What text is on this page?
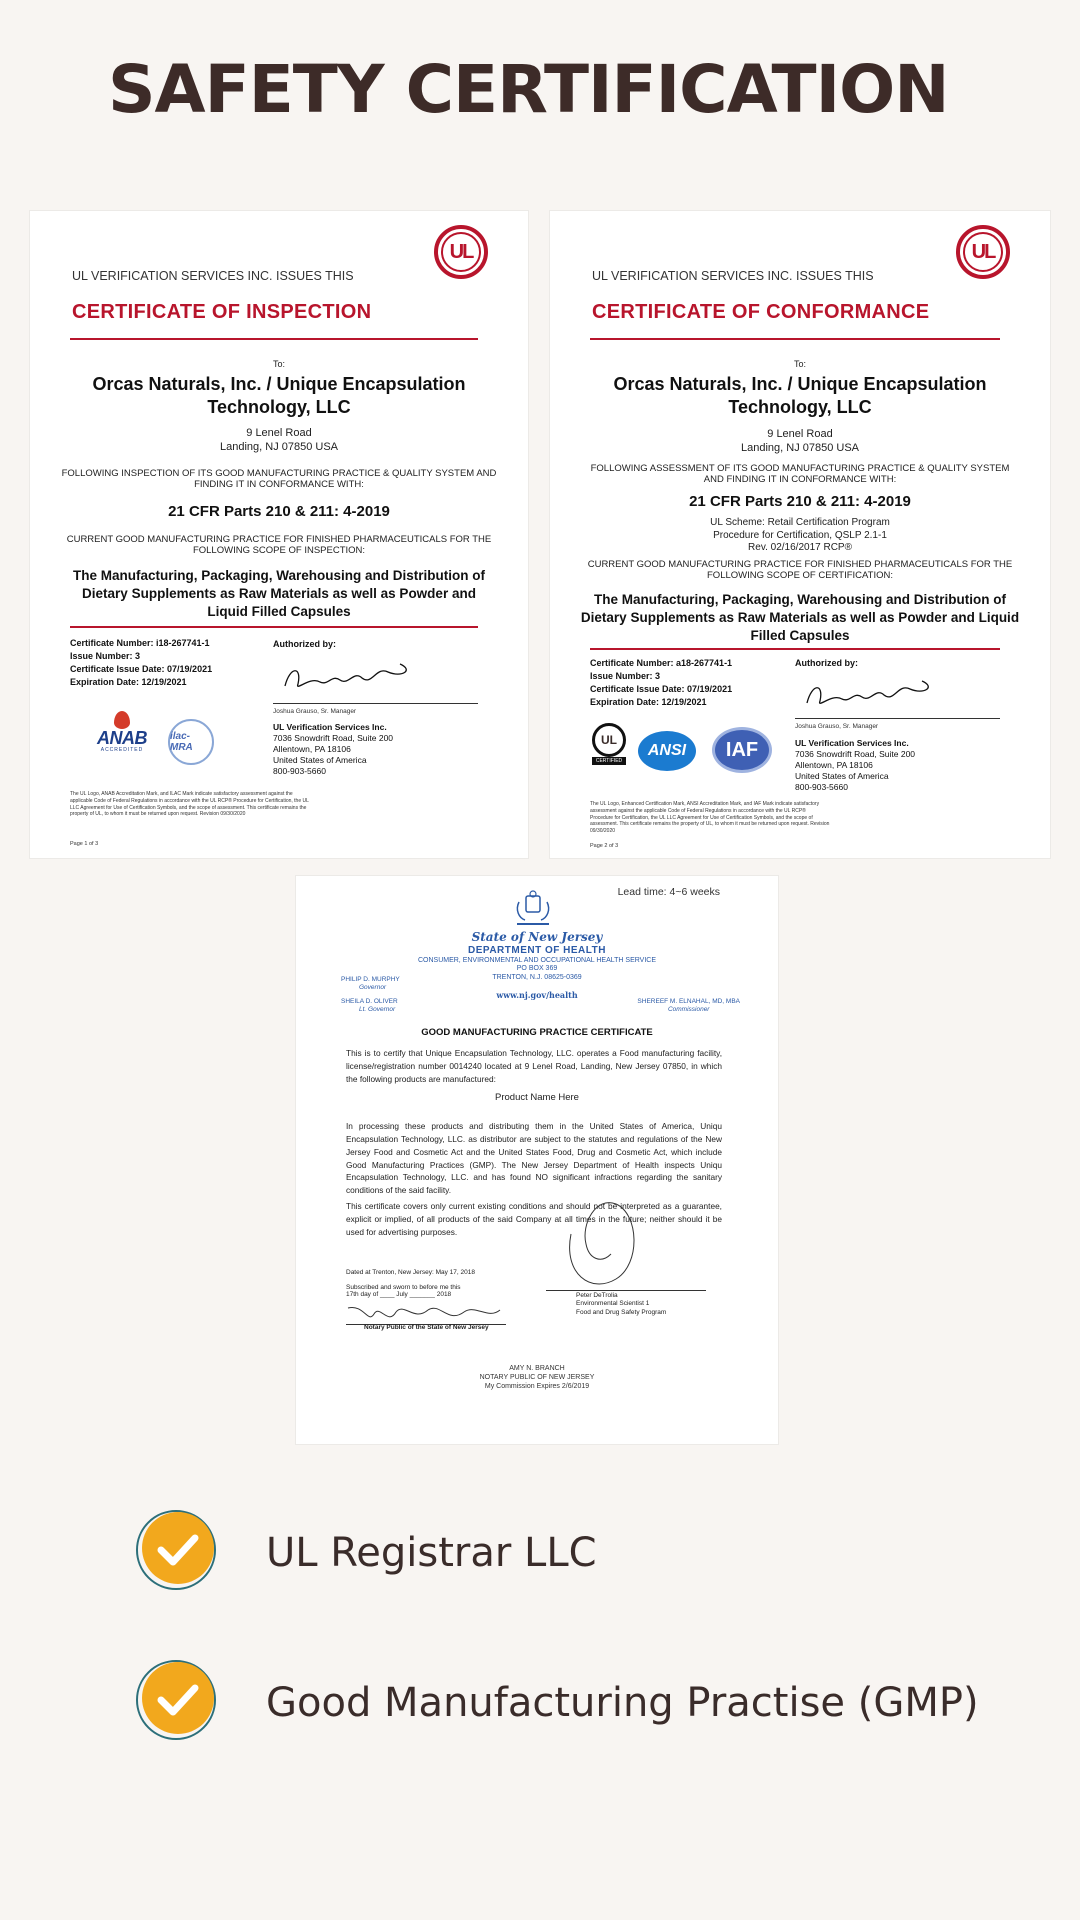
SAFETY CERTIFICATION
UL
UL VERIFICATION SERVICES INC. ISSUES THIS
CERTIFICATE OF INSPECTION
To:
Orcas Naturals, Inc. / Unique Encapsulation Technology, LLC
9 Lenel Road
Landing, NJ 07850 USA
FOLLOWING INSPECTION OF ITS GOOD MANUFACTURING PRACTICE & QUALITY SYSTEM AND FINDING IT IN CONFORMANCE WITH:
21 CFR Parts 210 & 211: 4-2019
CURRENT GOOD MANUFACTURING PRACTICE FOR FINISHED PHARMACEUTICALS FOR THE FOLLOWING SCOPE OF INSPECTION:
The Manufacturing, Packaging, Warehousing and Distribution of Dietary Supplements as Raw Materials as well as Powder and Liquid Filled Capsules
Certificate Number: i18-267741-1
Issue Number: 3
Certificate Issue Date: 07/19/2021
Expiration Date: 12/19/2021
Authorized by:
Joshua Grauso, Sr. Manager
UL Verification Services Inc.
7036 Snowdrift Road, Suite 200
Allentown, PA 18106
United States of America
800-903-5660
ANAB
ACCREDITED
ilac-MRA
The UL Logo, ANAB Accreditation Mark, and ILAC Mark indicate satisfactory assessment against the applicable Code of Federal Regulations in accordance with the UL RCP® Procedure for Certification, the UL LLC Agreement for Use of Certification Symbols, and the scope of assessment. This certificate remains the property of UL, to whom it must be returned upon request. Revision 09/30/2020
Page 1 of 3
UL
UL VERIFICATION SERVICES INC. ISSUES THIS
CERTIFICATE OF CONFORMANCE
To:
Orcas Naturals, Inc. / Unique Encapsulation Technology, LLC
9 Lenel Road
Landing, NJ 07850 USA
FOLLOWING ASSESSMENT OF ITS GOOD MANUFACTURING PRACTICE & QUALITY SYSTEM AND FINDING IT IN CONFORMANCE WITH:
21 CFR Parts 210 & 211: 4-2019
UL Scheme: Retail Certification Program
Procedure for Certification, QSLP 2.1-1
Rev. 02/16/2017 RCP®
CURRENT GOOD MANUFACTURING PRACTICE FOR FINISHED PHARMACEUTICALS FOR THE FOLLOWING SCOPE OF CERTIFICATION:
The Manufacturing, Packaging, Warehousing and Distribution of Dietary Supplements as Raw Materials as well as Powder and Liquid Filled Capsules
Certificate Number: a18-267741-1
Issue Number: 3
Certificate Issue Date: 07/19/2021
Expiration Date: 12/19/2021
Authorized by:
Joshua Grauso, Sr. Manager
UL Verification Services Inc.
7036 Snowdrift Road, Suite 200
Allentown, PA 18106
United States of America
800-903-5660
UL
CERTIFIED
ANSI	IAF
The UL Logo, Enhanced Certification Mark, ANSI Accreditation Mark, and IAF Mark indicate satisfactory assessment against the applicable Code of Federal Regulations in accordance with the UL RCP® Procedure for Certification, the UL LLC Agreement for Use of Certification Symbols, and the scope of assessment. This certificate remains the property of UL, to whom it must be returned upon request. Revision 09/30/2020
Page 2 of 3
Lead time: 4~6 weeks
State of New Jersey
DEPARTMENT OF HEALTH
CONSUMER, ENVIRONMENTAL AND OCCUPATIONAL HEALTH SERVICE
PO BOX 369
TRENTON, N.J. 08625-0369
PHILIP D. MURPHY
Governor
SHEILA D. OLIVER
Lt. Governor
www.nj.gov/health
SHEREEF M. ELNAHAL, MD, MBA
Commissioner
GOOD MANUFACTURING PRACTICE CERTIFICATE
This is to certify that Unique Encapsulation Technology, LLC. operates a Food manufacturing facility, license/registration number 0014240 located at 9 Lenel Road, Landing, New Jersey 07850, in which the following products are manufactured:
Product Name Here
In processing these products and distributing them in the United States of America, Uniqu Encapsulation Technology, LLC. as distributor are subject to the statutes and regulations of the New Jersey Food and Cosmetic Act and the United States Food, Drug and Cosmetic Act, which include Good Manufacturing Practices (GMP). The New Jersey Department of Health inspects Uniqu Encapsulation Technology, LLC. and has found NO significant infractions regarding the sanitary conditions of the said facility.
This certificate covers only current existing conditions and should not be interpreted as a guarantee, explicit or implied, of all products of the said Company at all times in the future; neither should it be used for advertising purposes.
Dated at Trenton, New Jersey: May 17, 2018
Subscribed and sworn to before me this
17th day of ____ July _______ 2018
Notary Public of the State of New Jersey
Peter DeTrolia
Environmental Scientist 1
Food and Drug Safety Program
AMY N. BRANCH
NOTARY PUBLIC OF NEW JERSEY
My Commission Expires 2/6/2019
UL Registrar LLC
Good Manufacturing Practise (GMP)
